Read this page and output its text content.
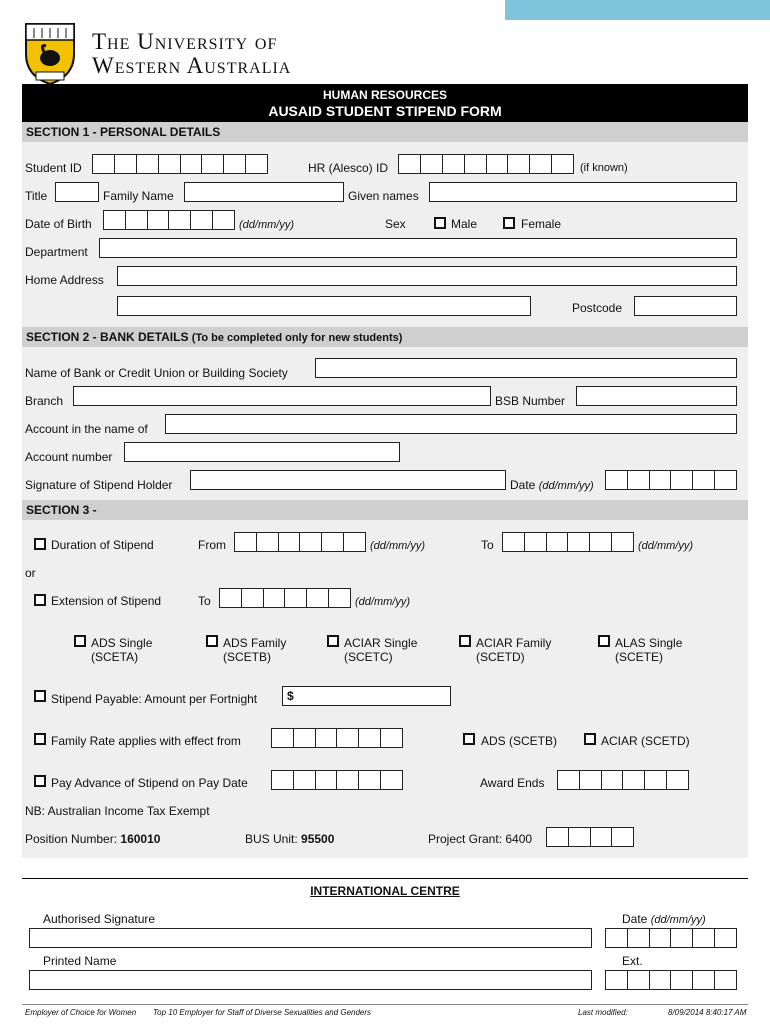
The University of
Western Australia
HUMAN RESOURCES
AUSAID STUDENT STIPEND FORM
SECTION 1 - PERSONAL DETAILS
Student ID	HR (Alesco) ID	(if known)
Title	Family Name	Given names
Date of Birth	(dd/mm/yy)	Sex	Male	Female
Department
Home Address
Postcode
SECTION 2 - BANK DETAILS (To be completed only for new students)
Name of Bank or Credit Union or Building Society
Branch	BSB Number
Account in the name of
Account number
Signature of Stipend Holder	Date (dd/mm/yy)
SECTION 3 -
Duration of Stipend	From	(dd/mm/yy)	To	(dd/mm/yy)
or
Extension of Stipend	To	(dd/mm/yy)
ADS Single
(SCETA)
ADS Family
(SCETB)
ACIAR Single
(SCETC)
ACIAR Family
(SCETD)
ALAS Single
(SCETE)
Stipend Payable: Amount per Fortnight	$
Family Rate applies with effect from	ADS (SCETB)	ACIAR (SCETD)
Pay Advance of Stipend on Pay Date	Award Ends
NB: Australian Income Tax Exempt
Position Number: 160010	BUS Unit: 95500	Project Grant: 6400
INTERNATIONAL CENTRE
Authorised Signature	Date (dd/mm/yy)
Printed Name	Ext.
Employer of Choice for Women Top 10 Employer for Staff of Diverse Sexualities and Genders	Last modified:	8/09/2014 8:40:17 AM
